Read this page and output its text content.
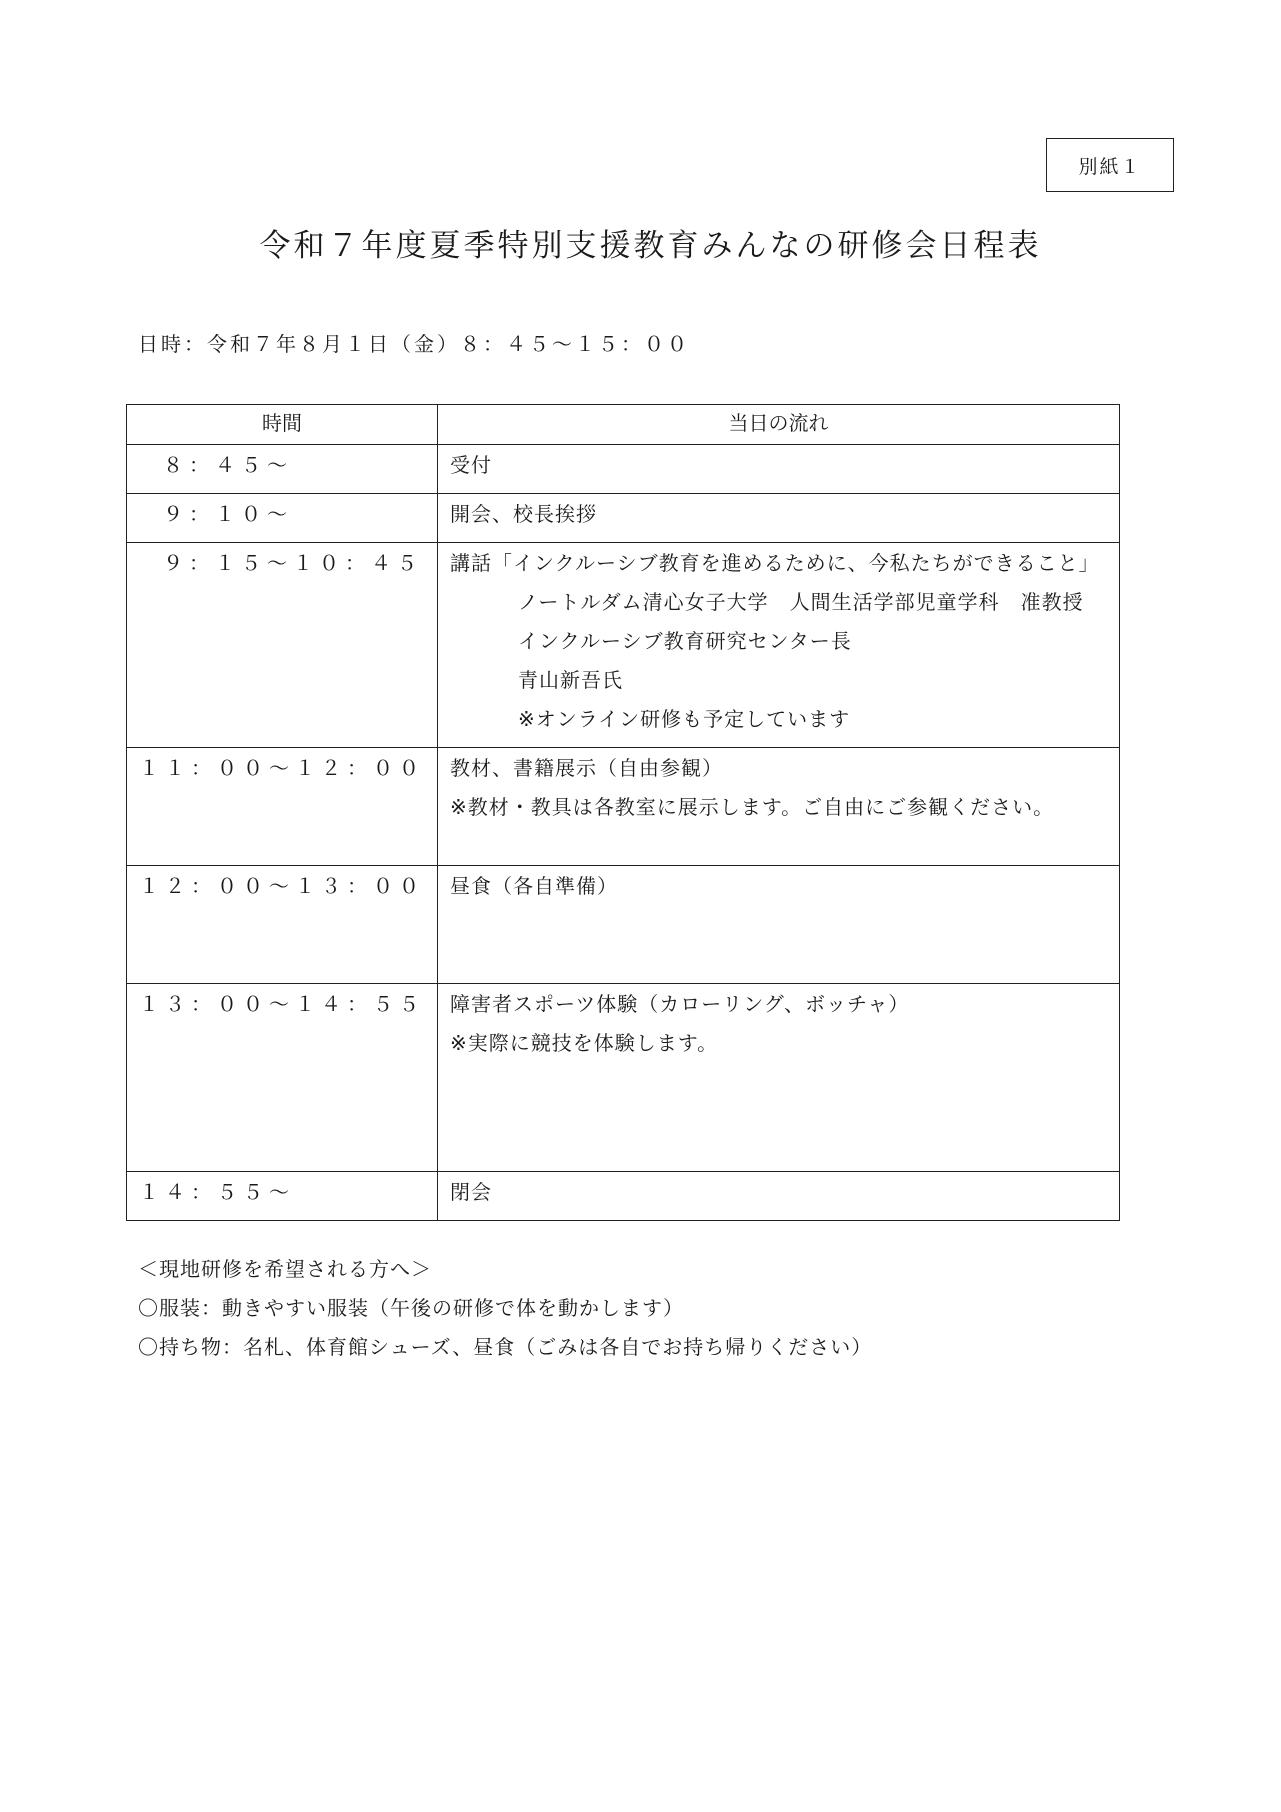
別紙１
令和７年度夏季特別支援教育みんなの研修会日程表
日時：令和７年８月１日（金）８：４５～１５：００
時間	当日の流れ
８：４５～	受付

９：１０～	開会、校長挨拶

９：１５～１０：４５	講話「インクルーシブ教育を進めるために、今私たちができること」
ノートルダム清心女子大学　人間生活学部児童学科　准教授
インクルーシブ教育研究センター長
青山新吾氏
※オンライン研修も予定しています

１１：００～１２：００	教材、書籍展示（自由参観）
※教材・教具は各教室に展示します。ご自由にご参観ください。

１２：００～１３：００	昼食（各自準備）

１３：００～１４：５５	障害者スポーツ体験（カローリング、ボッチャ）
※実際に競技を体験します。

１４：５５～	閉会
＜現地研修を希望される方へ＞
〇服装：動きやすい服装（午後の研修で体を動かします）
〇持ち物：名札、体育館シューズ、昼食（ごみは各自でお持ち帰りください）
